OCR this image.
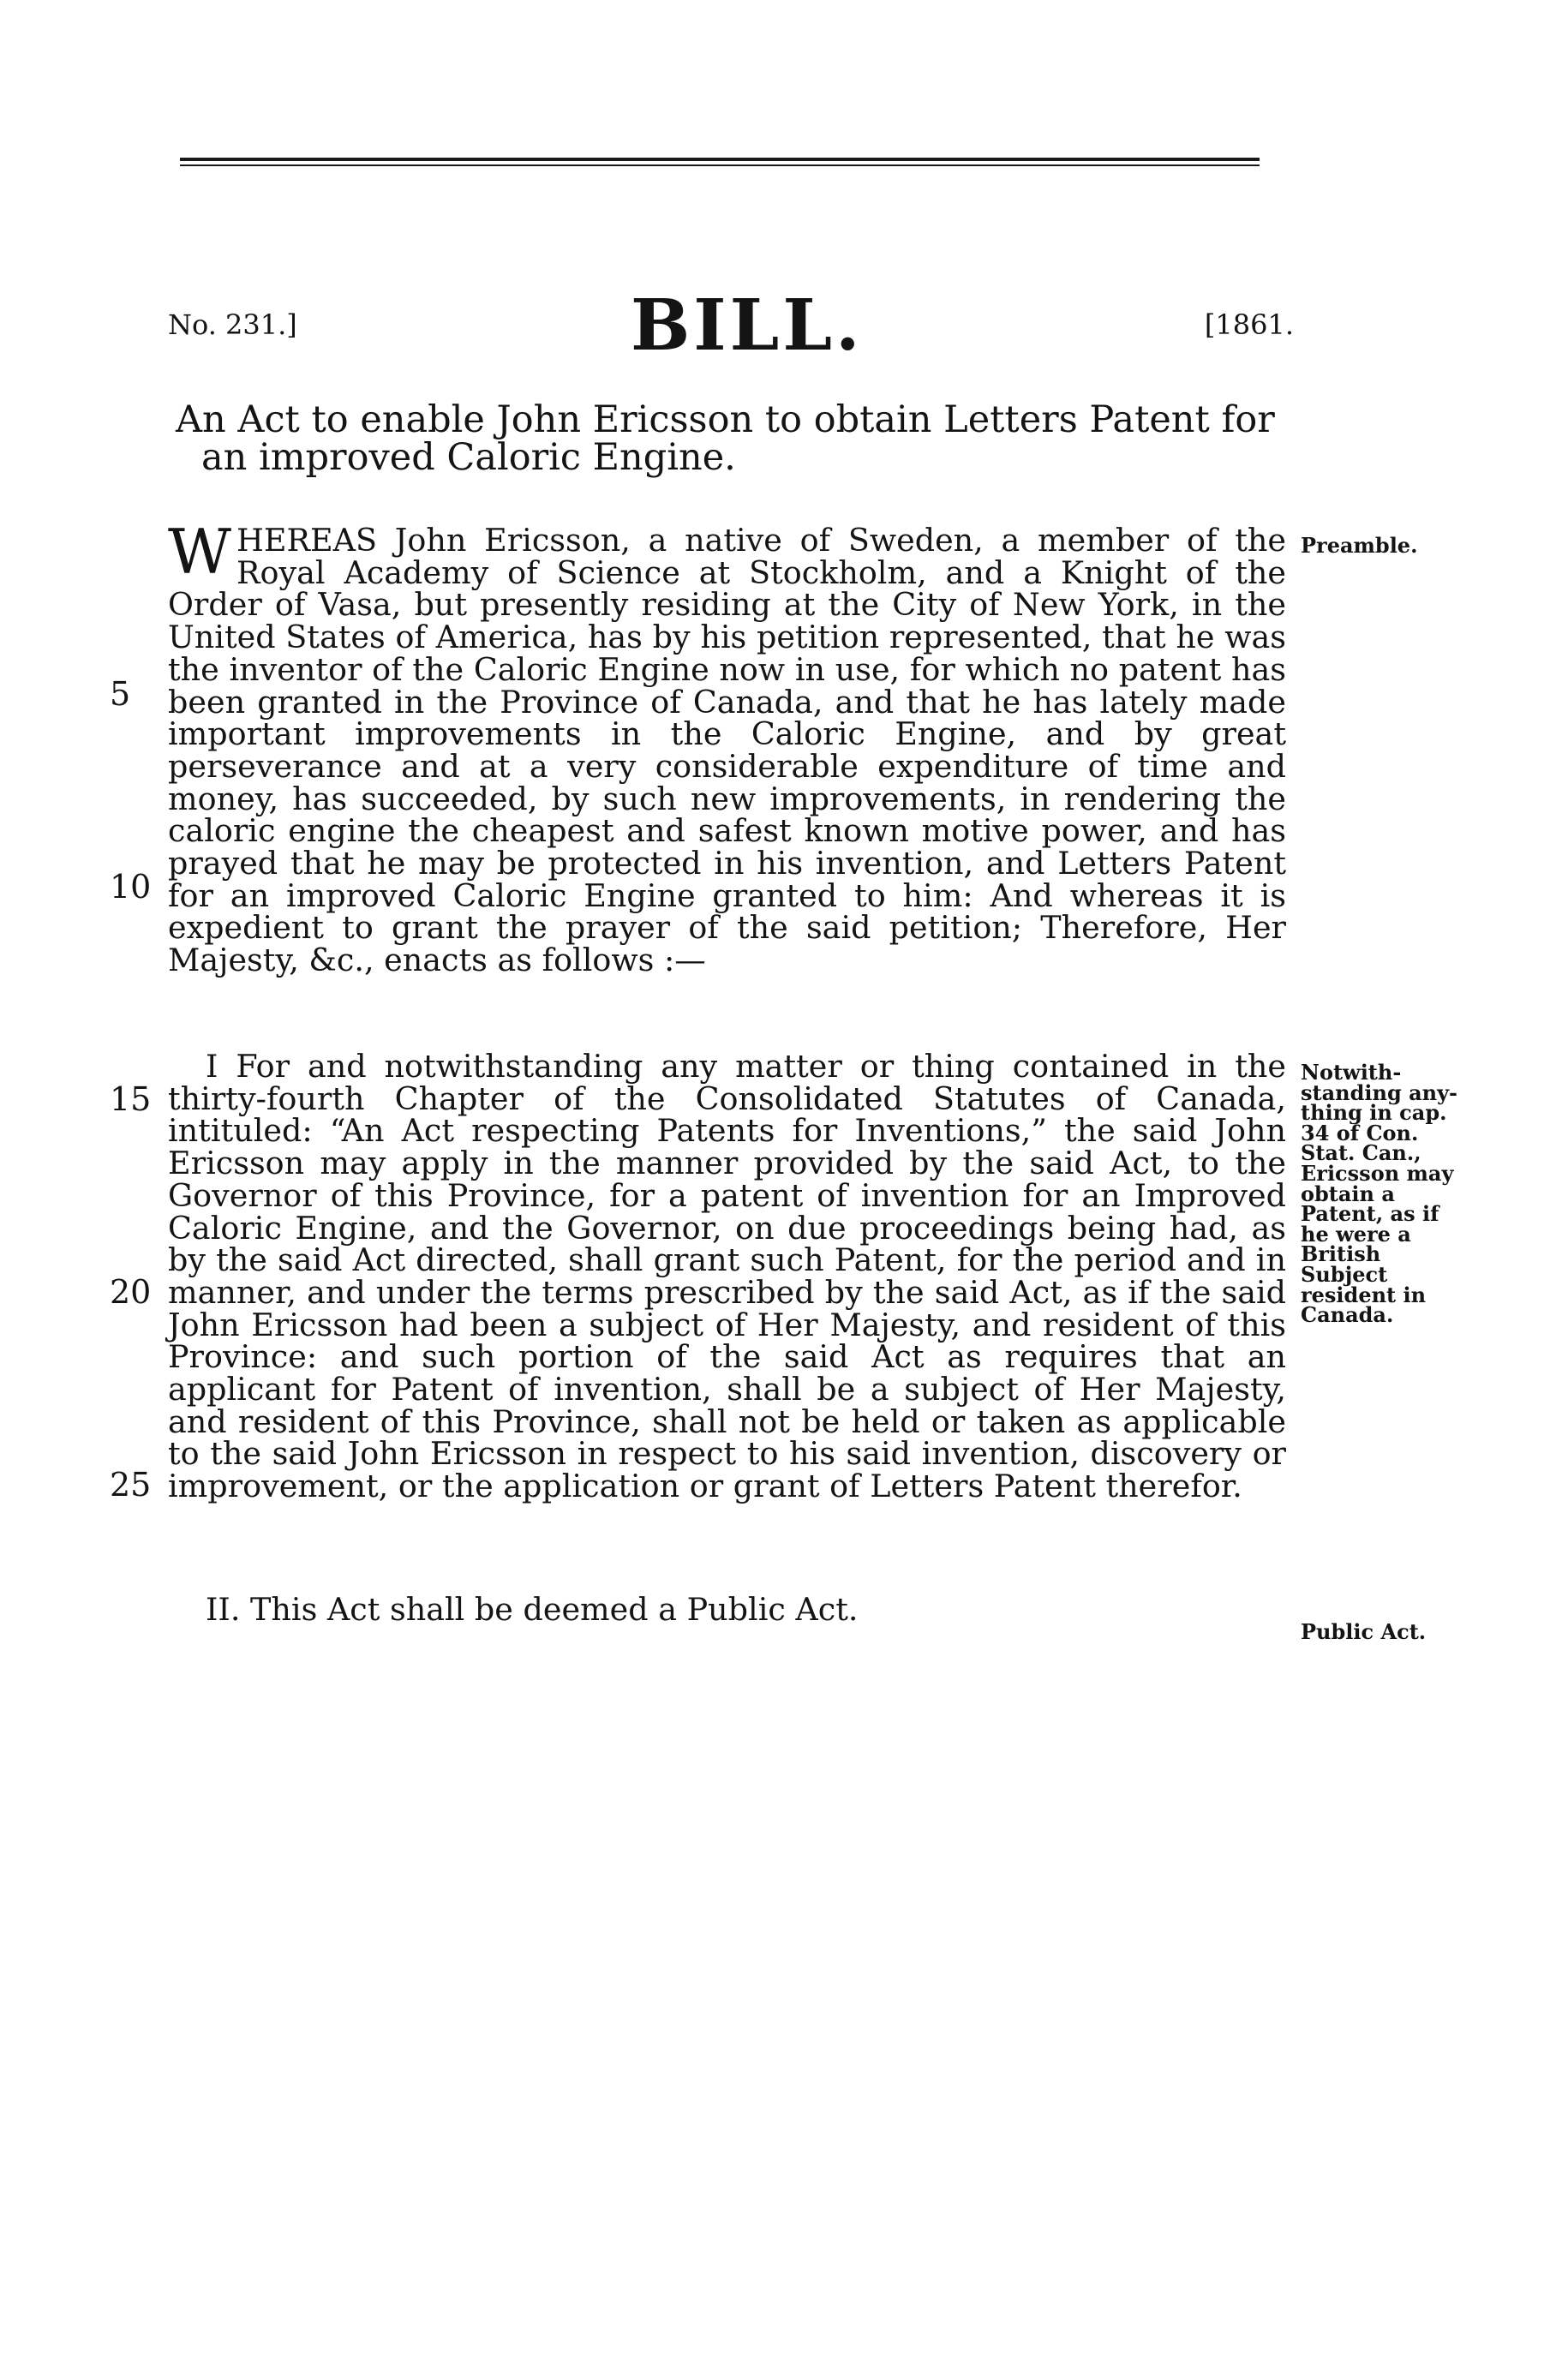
No. 231.]	BILL.	[1861.
An Act to enable John Ericsson to obtain Letters Patent for
an improved Caloric Engine.

WHEREAS John Ericsson, a native of Sweden, a member of the Royal Academy of Science at Stockholm, and a Knight of the Order of Vasa, but presently residing at the City of New York, in the United States of America, has by his petition represented, that he was the inventor of the Caloric Engine now in use, for which no patent has been granted in the Province of Canada, and that he has lately made important improvements in the Caloric Engine, and by great perseverance and at a very considerable expenditure of time and money, has succeeded, by such new improvements, in rendering the caloric engine the cheapest and safest known motive power, and has prayed that he may be protected in his invention, and Letters Patent for an improved Caloric Engine granted to him: And whereas it is expedient to grant the prayer of the said petition; Therefore, Her Majesty, &c., enacts as follows :—

I For and notwithstanding any matter or thing contained in the thirty-fourth Chapter of the Consolidated Statutes of Canada, intituled: “An Act respecting Patents for Inventions,” the said John Ericsson may apply in the manner provided by the said Act, to the Governor of this Province, for a patent of invention for an Improved Caloric Engine, and the Governor, on due proceedings being had, as by the said Act directed, shall grant such Patent, for the period and in manner, and under the terms prescribed by the said Act, as if the said John Ericsson had been a subject of Her Majesty, and resident of this Province: and such portion of the said Act as requires that an applicant for Patent of invention, shall be a subject of Her Majesty, and resident of this Province, shall not be held or taken as applicable to the said John Ericsson in respect to his said invention, discovery or improvement, or the application or grant of Letters Patent therefor.

II. This Act shall be deemed a Public Act.

5
10
15
20
25
Preamble.
Notwith-standing any-thing in cap. 34 of Con. Stat. Can., Ericsson may obtain a Patent, as if he were a British Subject resident in Canada.
Public Act.
